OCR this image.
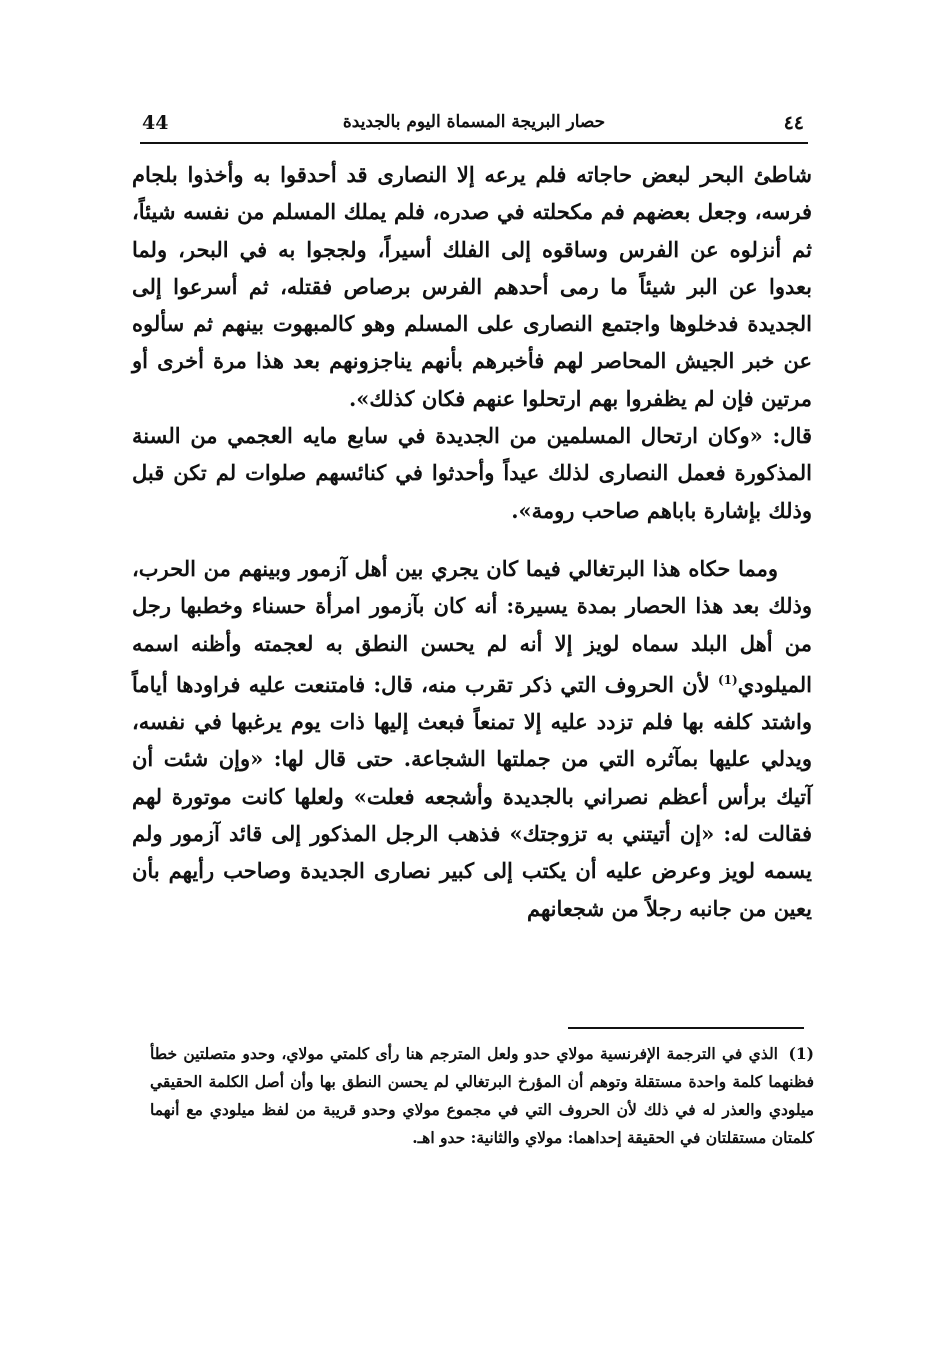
44	حصار البريجة المسماة اليوم بالجديدة	٤٤

شاطئ البحر لبعض حاجاته فلم يرعه إلا النصارى قد أحدقوا به وأخذوا بلجام فرسه، وجعل بعضهم فم مكحلته في صدره، فلم يملك المسلم من نفسه شيئاً، ثم أنزلوه عن الفرس وساقوه إلى الفلك أسيراً، ولججوا به في البحر، ولما بعدوا عن البر شيئاً ما رمى أحدهم الفرس برصاص فقتله، ثم أسرعوا إلى الجديدة فدخلوها واجتمع النصارى على المسلم وهو كالمبهوت بينهم ثم سألوه عن خبر الجيش المحاصر لهم فأخبرهم بأنهم يناجزونهم بعد هذا مرة أخرى أو مرتين فإن لم يظفروا بهم ارتحلوا عنهم فكان كذلك».

قال: «وكان ارتحال المسلمين من الجديدة في سابع مايه العجمي من السنة المذكورة فعمل النصارى لذلك عيداً وأحدثوا في كنائسهم صلوات لم تكن قبل وذلك بإشارة باباهم صاحب رومة».

ومما حكاه هذا البرتغالي فيما كان يجري بين أهل آزمور وبينهم من الحرب، وذلك بعد هذا الحصار بمدة يسيرة: أنه كان بآزمور امرأة حسناء وخطبها رجل من أهل البلد سماه لويز إلا أنه لم يحسن النطق به لعجمته وأظنه اسمه الميلودي$^{(1)}$ لأن الحروف التي ذكر تقرب منه، قال: فامتنعت عليه فراودها أياماً واشتد كلفه بها فلم تزدد عليه إلا تمنعاً فبعث إليها ذات يوم يرغبها في نفسه، ويدلي عليها بمآثره التي من جملتها الشجاعة. حتى قال لها: «وإن شئت أن آتيك برأس أعظم نصراني بالجديدة وأشجعه فعلت» ولعلها كانت موتورة لهم فقالت له: «إن أتيتني به تزوجتك» فذهب الرجل المذكور إلى قائد آزمور ولم يسمه لويز وعرض عليه أن يكتب إلى كبير نصارى الجديدة وصاحب رأيهم بأن يعين من جانبه رجلاً من شجعانهم

(1)الذي في الترجمة الإفرنسية مولاي حدو ولعل المترجم هنا رأى كلمتي مولاي، وحدو متصلتين خطأ فظنهما كلمة واحدة مستقلة وتوهم أن المؤرخ البرتغالي لم يحسن النطق بها وأن أصل الكلمة الحقيقي ميلودي والعذر له في ذلك لأن الحروف التي في مجموع مولاي وحدو قريبة من لفظ ميلودي مع أنهما كلمتان مستقلتان في الحقيقة إحداهما: مولاي والثانية: حدو اهـ.
